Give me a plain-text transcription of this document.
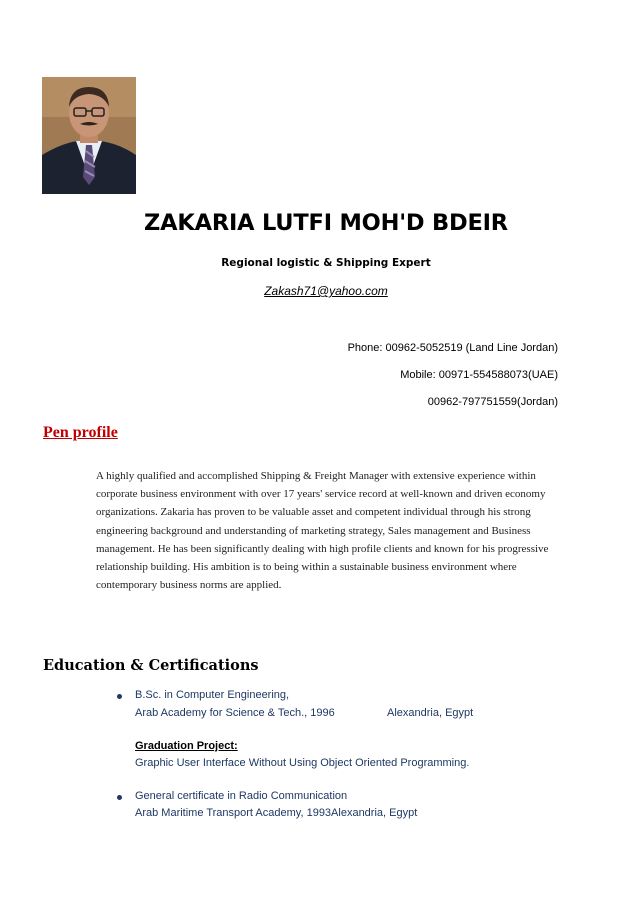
ZAKARIA LUTFI MOH'D BDEIR
Regional logistic & Shipping Expert
Zakash71@yahoo.com
Phone: 00962-5052519 (Land Line Jordan)
Mobile: 00971-554588073(UAE)
00962-797751559(Jordan)
Pen profile
A highly qualified and accomplished Shipping & Freight Manager with extensive experience within corporate business environment with over 17 years' service record at well-known and driven economy organizations. Zakaria has proven to be valuable asset and competent individual through his strong engineering background and understanding of marketing strategy, Sales management and Business management. He has been significantly dealing with high profile clients and known for his progressive relationship building. His ambition is to being within a sustainable business environment where contemporary business norms are applied.
Education & Certifications
B.Sc. in Computer Engineering,
Arab Academy for Science & Tech., 1996	Alexandria, Egypt
Graduation Project:
Graphic User Interface Without Using Object Oriented Programming.
General certificate in Radio Communication
Arab Maritime Transport Academy, 1993Alexandria, Egypt
